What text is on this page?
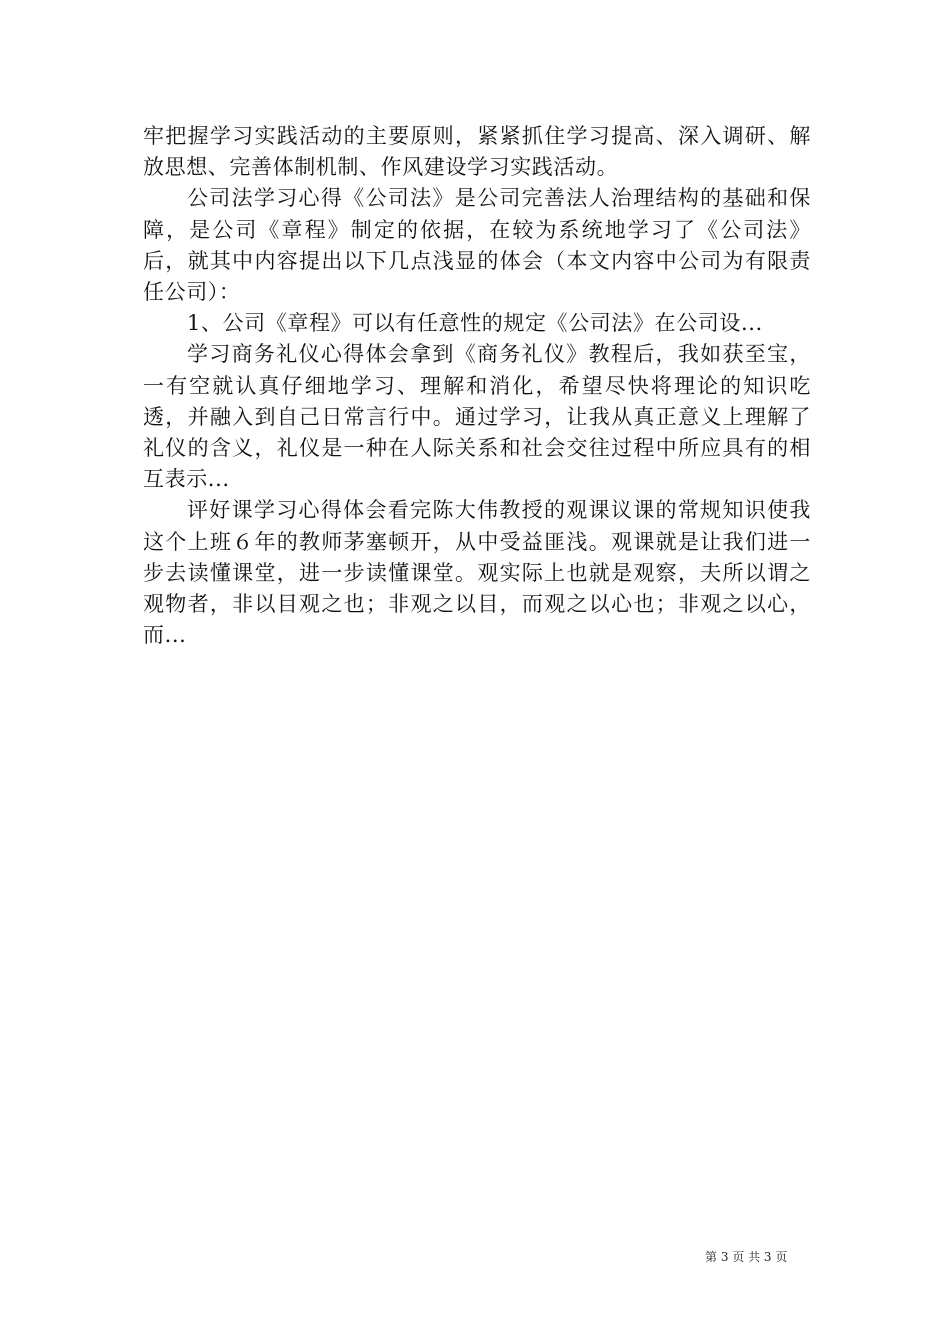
牢把握学习实践活动的主要原则，紧紧抓住学习提高、深入调研、解放思想、完善体制机制、作风建设学习实践活动。

公司法学习心得《公司法》是公司完善法人治理结构的基础和保障，是公司《章程》制定的依据，在较为系统地学习了《公司法》后，就其中内容提出以下几点浅显的体会（本文内容中公司为有限责任公司）：

1、公司《章程》可以有任意性的规定《公司法》在公司设...

学习商务礼仪心得体会拿到《商务礼仪》教程后，我如获至宝，一有空就认真仔细地学习、理解和消化，希望尽快将理论的知识吃透，并融入到自己日常言行中。通过学习，让我从真正意义上理解了礼仪的含义，礼仪是一种在人际关系和社会交往过程中所应具有的相互表示...

评好课学习心得体会看完陈大伟教授的观课议课的常规知识使我这个上班６年的教师茅塞顿开，从中受益匪浅。观课就是让我们进一步去读懂课堂，进一步读懂课堂。观实际上也就是观察，夫所以谓之观物者，非以目观之也；非观之以目，而观之以心也；非观之以心，而...

第 3 页 共 3 页
